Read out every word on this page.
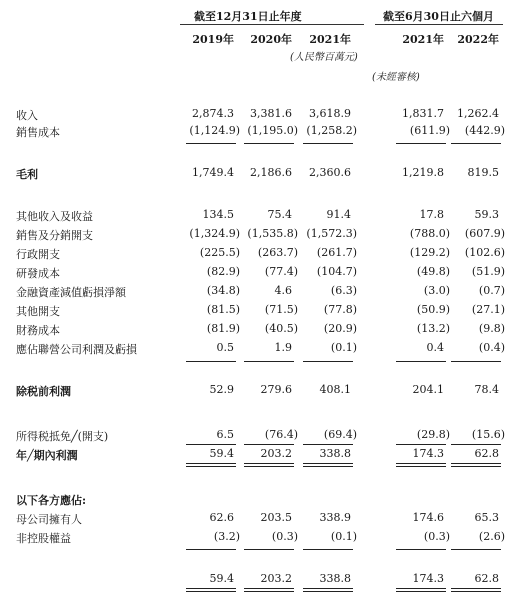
截至12月31日止年度	截至6月30日止六個月
2019年	2020年	2021年	2021年	2022年
(人民幣百萬元)
(未經審核)
收入	2,874.3	3,381.6	3,618.9	1,831.7	1,262.4
銷售成本	(1,124.9) (1,195.0) (1,258.2)	(611.9)	(442.9)
毛利	1,749.4	2,186.6	2,360.6	1,219.8	819.5
其他收入及收益	134.5	75.4	91.4	17.8	59.3
銷售及分銷開支	(1,324.9) (1,535.8) (1,572.3)	(788.0)	(607.9)
行政開支	(225.5)	(263.7)	(261.7)	(129.2)	(102.6)
研發成本	(82.9)	(77.4)	(104.7)	(49.8)	(51.9)
金融資產減值虧損淨額	(34.8)	4.6	(6.3)	(3.0)	(0.7)
其他開支	(81.5)	(71.5)	(77.8)	(50.9)	(27.1)
財務成本	(81.9)	(40.5)	(20.9)	(13.2)	(9.8)
應佔聯營公司利潤及虧損	0.5	1.9	(0.1)	0.4	(0.4)
除税前利潤	52.9	279.6	408.1	204.1	78.4
所得税抵免╱(開支)	6.5	(76.4)	(69.4)	(29.8)	(15.6)
年╱期內利潤	59.4	203.2	338.8	174.3	62.8
以下各方應佔:
母公司擁有人	62.6	203.5	338.9	174.6	65.3
非控股權益	(3.2)	(0.3)	(0.1)	(0.3)	(2.6)
59.4	203.2	338.8	174.3	62.8
